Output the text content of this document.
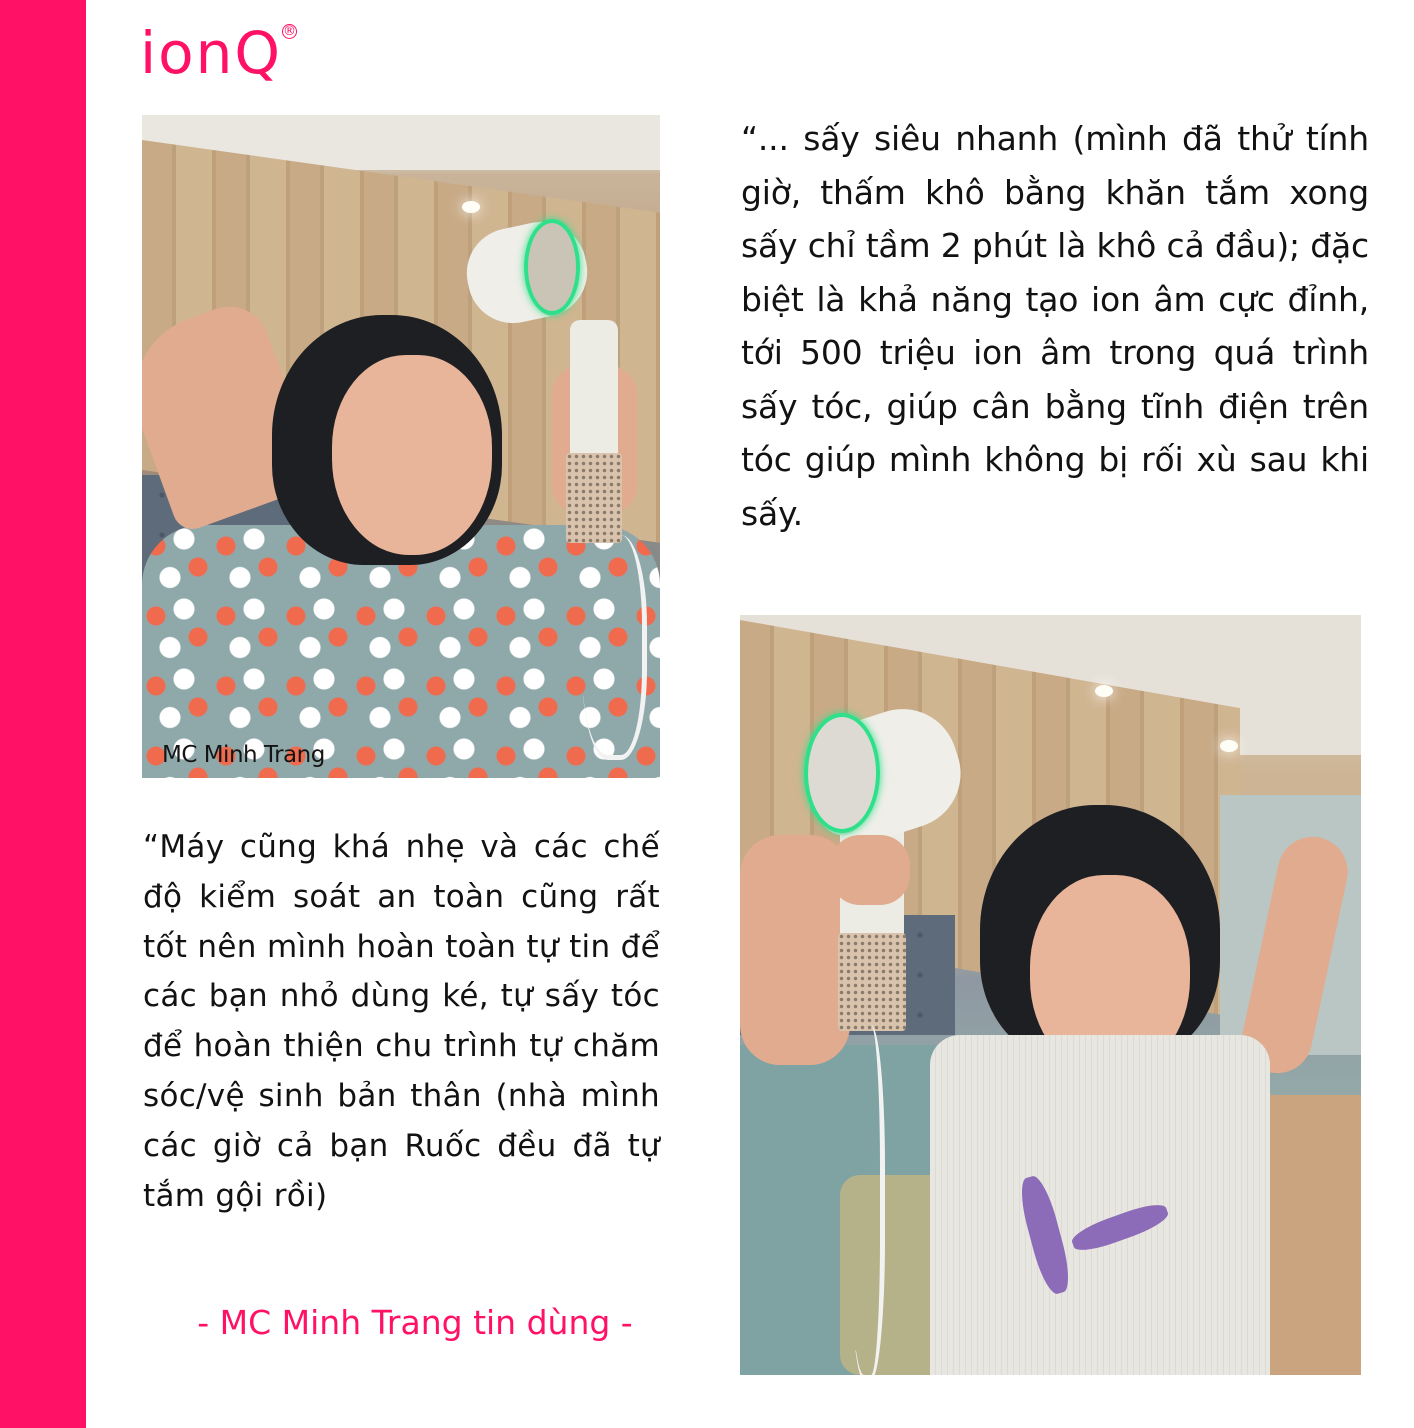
ionQ ®
MC Minh Trang
“... sấy siêu nhanh (mình đã thử tính giờ, thấm khô bằng khăn tắm xong sấy chỉ tầm 2 phút là khô cả đầu); đặc biệt là khả năng tạo ion âm cực đỉnh, tới 500 triệu ion âm trong quá trình sấy tóc, giúp cân bằng tĩnh điện trên tóc giúp mình không bị rối xù sau khi sấy.
“Máy cũng khá nhẹ và các chế độ kiểm soát an toàn cũng rất tốt nên mình hoàn toàn tự tin để các bạn nhỏ dùng ké, tự sấy tóc để hoàn thiện chu trình tự chăm sóc/vệ sinh bản thân (nhà mình các giờ cả bạn Ruốc đều đã tự tắm gội rồi)
- MC Minh Trang tin dùng -
